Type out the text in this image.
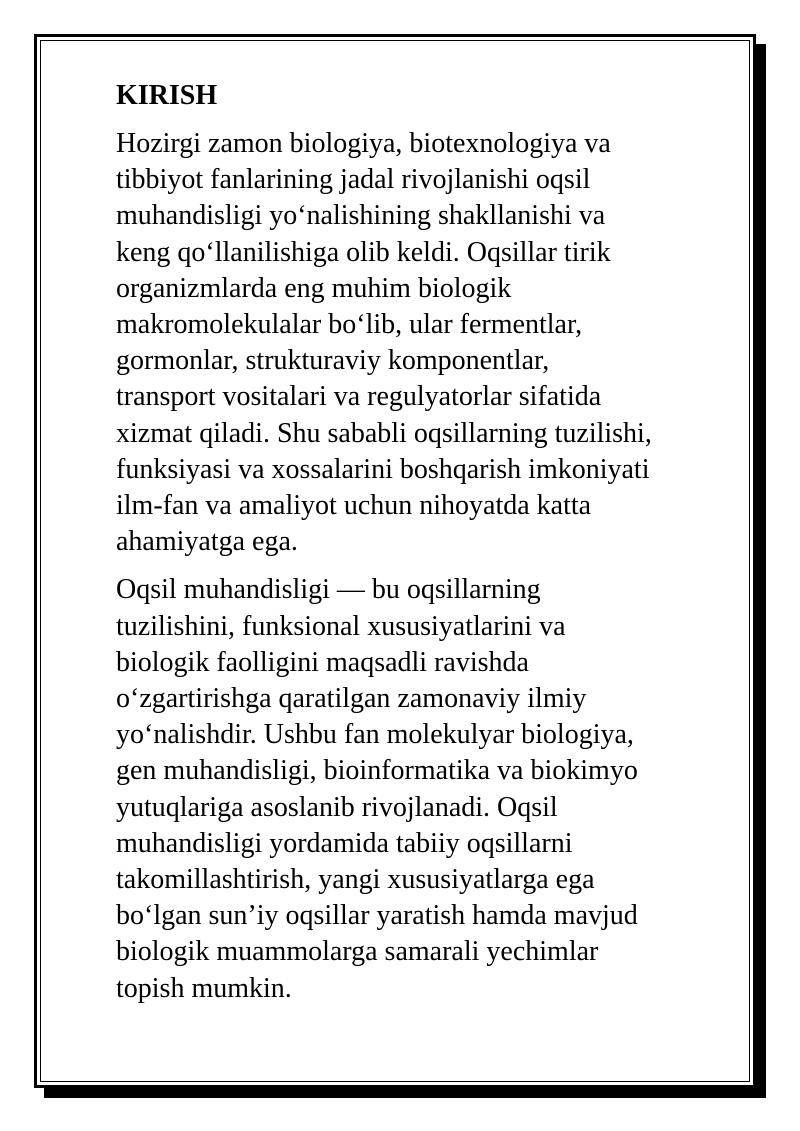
KIRISH
Hozirgi zamon biologiya, biotexnologiya va
tibbiyot fanlarining jadal rivojlanishi oqsil
muhandisligi yo‘nalishining shakllanishi va
keng qo‘llanilishiga olib keldi. Oqsillar tirik
organizmlarda eng muhim biologik
makromolekulalar bo‘lib, ular fermentlar,
gormonlar, strukturaviy komponentlar,
transport vositalari va regulyatorlar sifatida
xizmat qiladi. Shu sababli oqsillarning tuzilishi,
funksiyasi va xossalarini boshqarish imkoniyati
ilm-fan va amaliyot uchun nihoyatda katta
ahamiyatga ega.
Oqsil muhandisligi — bu oqsillarning
tuzilishini, funksional xususiyatlarini va
biologik faolligini maqsadli ravishda
o‘zgartirishga qaratilgan zamonaviy ilmiy
yo‘nalishdir. Ushbu fan molekulyar biologiya,
gen muhandisligi, bioinformatika va biokimyo
yutuqlariga asoslanib rivojlanadi. Oqsil
muhandisligi yordamida tabiiy oqsillarni
takomillashtirish, yangi xususiyatlarga ega
bo‘lgan sun’iy oqsillar yaratish hamda mavjud
biologik muammolarga samarali yechimlar
topish mumkin.
